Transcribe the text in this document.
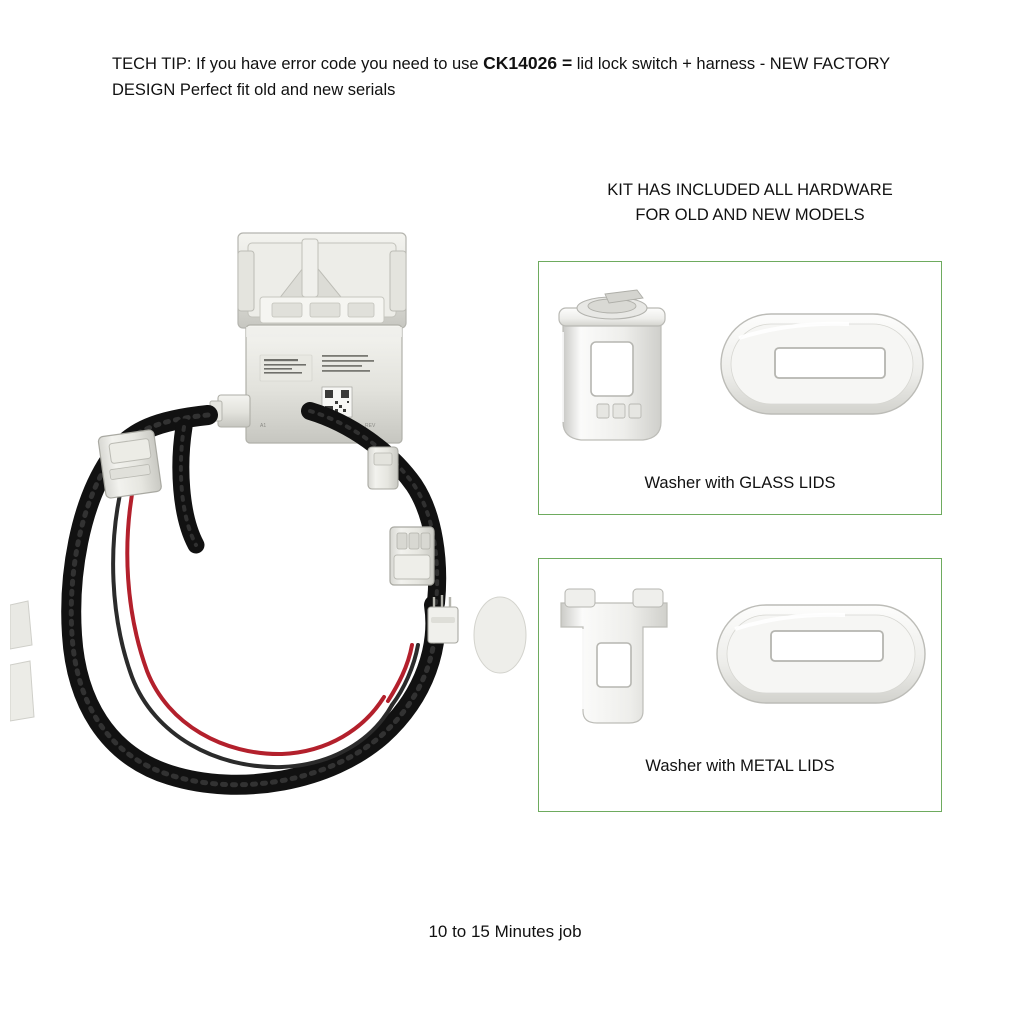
TECH TIP: If you have error code you need to use CK14026 = lid lock switch + harness - NEW FACTORY DESIGN Perfect fit old and new serials
KIT HAS INCLUDED ALL HARDWARE
FOR OLD AND NEW MODELS
A1	REV
Washer with GLASS LIDS
Washer with METAL LIDS
10 to 15 Minutes job
